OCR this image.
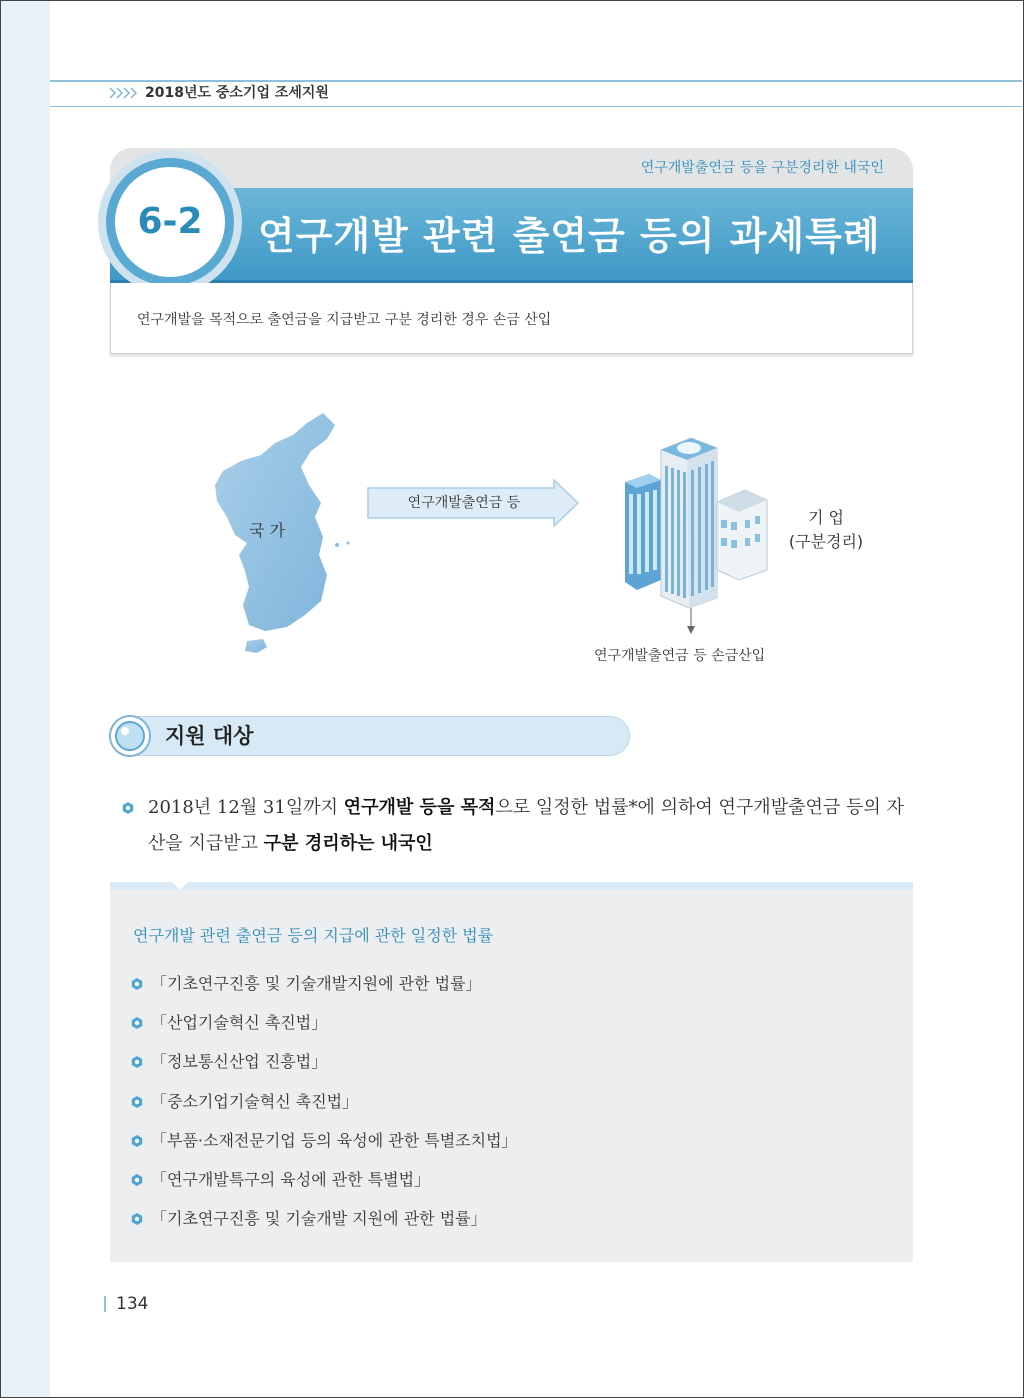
2018년도 중소기업 조세지원
연구개발출연금 등을 구분경리한 내국인
연구개발 관련 출연금 등의 과세특례
6-2
연구개발을 목적으로 출연금을 지급받고 구분 경리한 경우 손금 산입
국 가
연구개발출연금 등
기 업
(구분경리)
연구개발출연금 등 손금산입
지원 대상
2018년 12월 31일까지 연구개발 등을 목적으로 일정한 법률*에 의하여 연구개발출연금 등의 자산을 지급받고 구분 경리하는 내국인
연구개발 관련 출연금 등의 지급에 관한 일정한 법률
「기초연구진흥 및 기술개발지원에 관한 법률」
「산업기술혁신 촉진법」
「정보통신산업 진흥법」
「중소기업기술혁신 촉진법」
「부품·소재전문기업 등의 육성에 관한 특별조치법」
「연구개발특구의 육성에 관한 특별법」
「기초연구진흥 및 기술개발 지원에 관한 법률」
134
